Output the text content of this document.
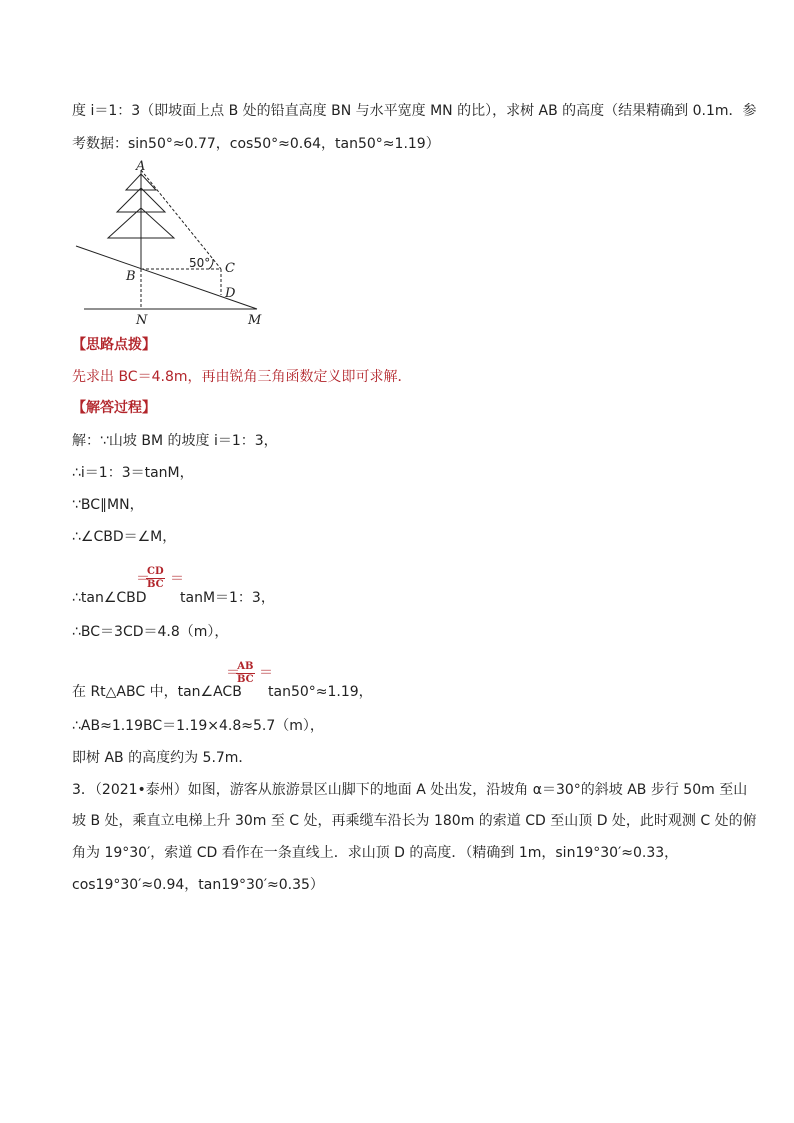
度 i＝1：3（即坡面上点 B 处的铅直高度 BN 与水平宽度 MN 的比），求树 AB 的高度（结果精确到 0.1m．参
考数据：sin50°≈0.77，cos50°≈0.64，tan50°≈1.19）
A
B
C
D
N	M
50°
【思路点拨】
先求出 BC＝4.8m，再由锐角三角函数定义即可求解．
【解答过程】
解：∵山坡 BM 的坡度 i＝1：3，
∴i＝1：3＝tanM，
∵BC∥MN，
∴∠CBD＝∠M，
∴tan∠CBD
＝
$\frac{CD}{BC}$ ＝
tanM＝1：3，
∴BC＝3CD＝4.8（m），
在 Rt△ABC 中，tan∠ACB
＝
$\frac{AB}{BC}$ ＝
tan50°≈1.19，
∴AB≈1.19BC＝1.19×4.8≈5.7（m），
即树 AB 的高度约为 5.7m．
3．（2021•泰州）如图，游客从旅游景区山脚下的地面 A 处出发，沿坡角 α＝30°的斜坡 AB 步行 50m 至山
坡 B 处，乘直立电梯上升 30m 至 C 处，再乘缆车沿长为 180m 的索道 CD 至山顶 D 处，此时观测 C 处的俯
角为 19°30′，索道 CD 看作在一条直线上．求山顶 D 的高度．（精确到 1m，sin19°30′≈0.33，
cos19°30′≈0.94，tan19°30′≈0.35）
